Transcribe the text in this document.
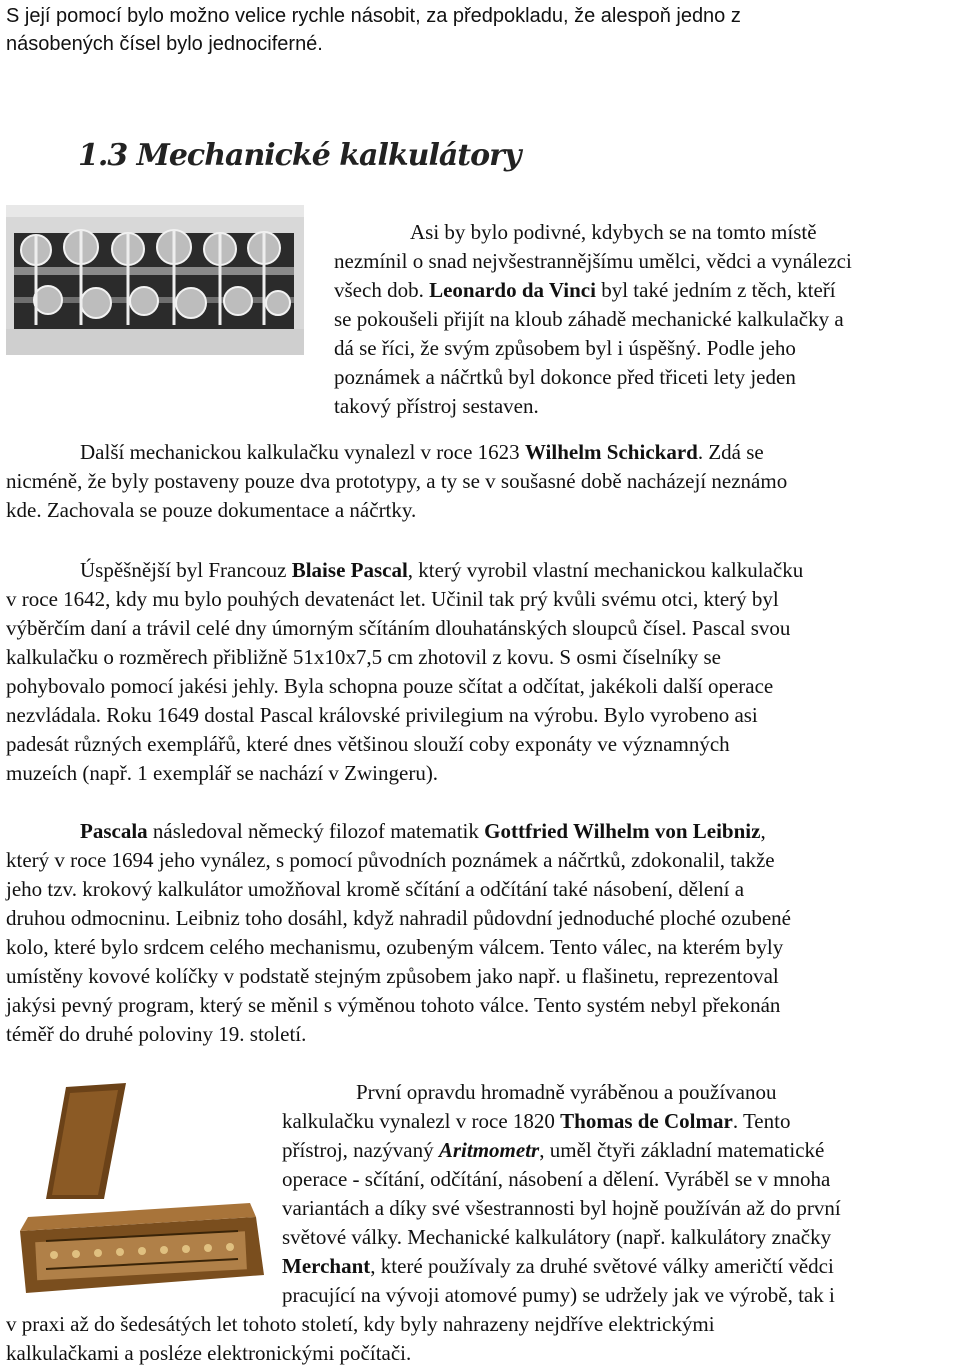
S její pomocí bylo možno velice rychle násobit, za předpokladu, že alespoň jedno z
násobených čísel bylo jednociferné.
1.3 Mechanické kalkulátory
Asi by bylo podivné, kdybych se na tomto místě
nezmínil o snad nejvšestrannějšímu umělci, vědci a vynálezci
všech dob. Leonardo da Vinci byl také jedním z těch, kteří
se pokoušeli přijít na kloub záhadě mechanické kalkulačky a
dá se říci, že svým způsobem byl i úspěšný. Podle jeho
poznámek a náčrtků byl dokonce před třiceti lety jeden
takový přístroj sestaven.
Další mechanickou kalkulačku vynalezl v roce 1623 Wilhelm Schickard. Zdá se
nicméně, že byly postaveny pouze dva prototypy, a ty se v soušasné době nacházejí neznámo
kde. Zachovala se pouze dokumentace a náčrtky.
Úspěšnější byl Francouz Blaise Pascal, který vyrobil vlastní mechanickou kalkulačku
v roce 1642, kdy mu bylo pouhých devatenáct let. Učinil tak prý kvůli svému otci, který byl
výběrčím daní a trávil celé dny úmorným sčítáním dlouhatánských sloupců čísel. Pascal svou
kalkulačku o rozměrech přibližně 51x10x7,5 cm zhotovil z kovu. S osmi číselníky se
pohybovalo pomocí jakési jehly. Byla schopna pouze sčítat a odčítat, jakékoli další operace
nezvládala. Roku 1649 dostal Pascal královské privilegium na výrobu. Bylo vyrobeno asi
padesát různých exemplářů, které dnes většinou slouží coby exponáty ve významných
muzeích (např. 1 exemplář se nachází v Zwingeru).
Pascala následoval německý filozof matematik Gottfried Wilhelm von Leibniz,
který v roce 1694 jeho vynález, s pomocí původních poznámek a náčrtků, zdokonalil, takže
jeho tzv. krokový kalkulátor umožňoval kromě sčítání a odčítání také násobení, dělení a
druhou odmocninu. Leibniz toho dosáhl, když nahradil půdovdní jednoduché ploché ozubené
kolo, které bylo srdcem celého mechanismu, ozubeným válcem. Tento válec, na kterém byly
umístěny kovové kolíčky v podstatě stejným způsobem jako např. u flašinetu, reprezentoval
jakýsi pevný program, který se měnil s výměnou tohoto válce. Tento systém nebyl překonán
téměř do druhé poloviny 19. století.
První opravdu hromadně vyráběnou a používanou
kalkulačku vynalezl v roce 1820 Thomas de Colmar. Tento
přístroj, nazývaný Aritmometr, uměl čtyři základní matematické
operace - sčítání, odčítání, násobení a dělení. Vyráběl se v mnoha
variantách a díky své všestrannosti byl hojně používán až do první
světové války. Mechanické kalkulátory (např. kalkulátory značky
Merchant, které používaly za druhé světové války američtí vědci
pracující na vývoji atomové pumy) se udržely jak ve výrobě, tak i
v praxi až do šedesátých let tohoto století, kdy byly nahrazeny nejdříve elektrickými
kalkulačkami a posléze elektronickými počítači.
